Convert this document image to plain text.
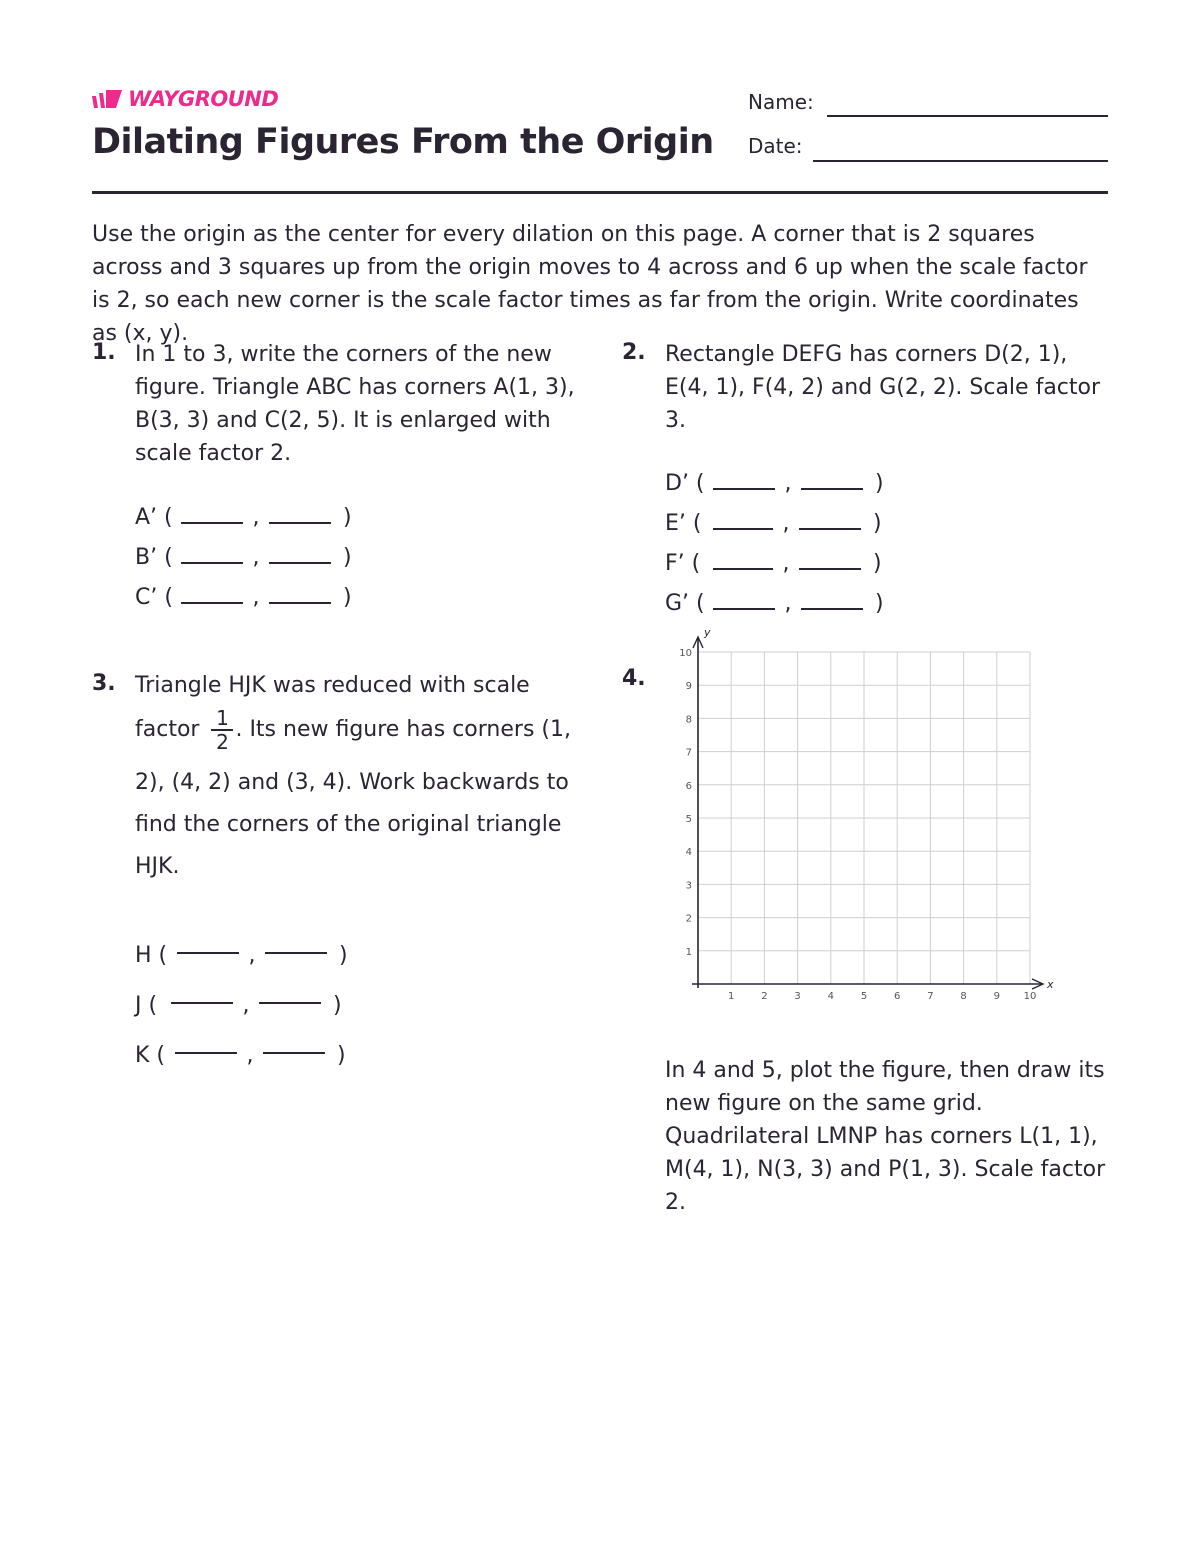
WAYGROUND
Dilating Figures From the Origin
Name:
Date:
Use the origin as the center for every dilation on this page. A corner that is 2 squares across and 3 squares up from the origin moves to 4 across and 6 up when the scale factor is 2, so each new corner is the scale factor times as far from the origin. Write coordinates as (x, y).
1. In 1 to 3, write the corners of the new
figure. Triangle ABC has corners A(1, 3),
B(3, 3) and C(2, 5). It is enlarged with
scale factor 2.
A’ (	,	)
B’ (	,	)
C’ (	,	)
2. Rectangle DEFG has corners D(2, 1),
E(4, 1), F(4, 2) and G(2, 2). Scale factor
3.
D’ (	,	)
E’ (	,	)
F’ (	,	)
G’ (	,	)
3. Triangle HJK was reduced with scale
factor $\frac{1}{2}$ . Its new figure has corners (1,
2), (4, 2) and (3, 4). Work backwards to
find the corners of the original triangle
HJK.
H (	,	)
J (	,	)
K (	,	)
4.
x
y
1	2	3	4	5	6	7	8	9 10
1
2
3
4
5
6
7
8
9
10
In 4 and 5, plot the figure, then draw its
new figure on the same grid.
Quadrilateral LMNP has corners L(1, 1),
M(4, 1), N(3, 3) and P(1, 3). Scale factor
2.
